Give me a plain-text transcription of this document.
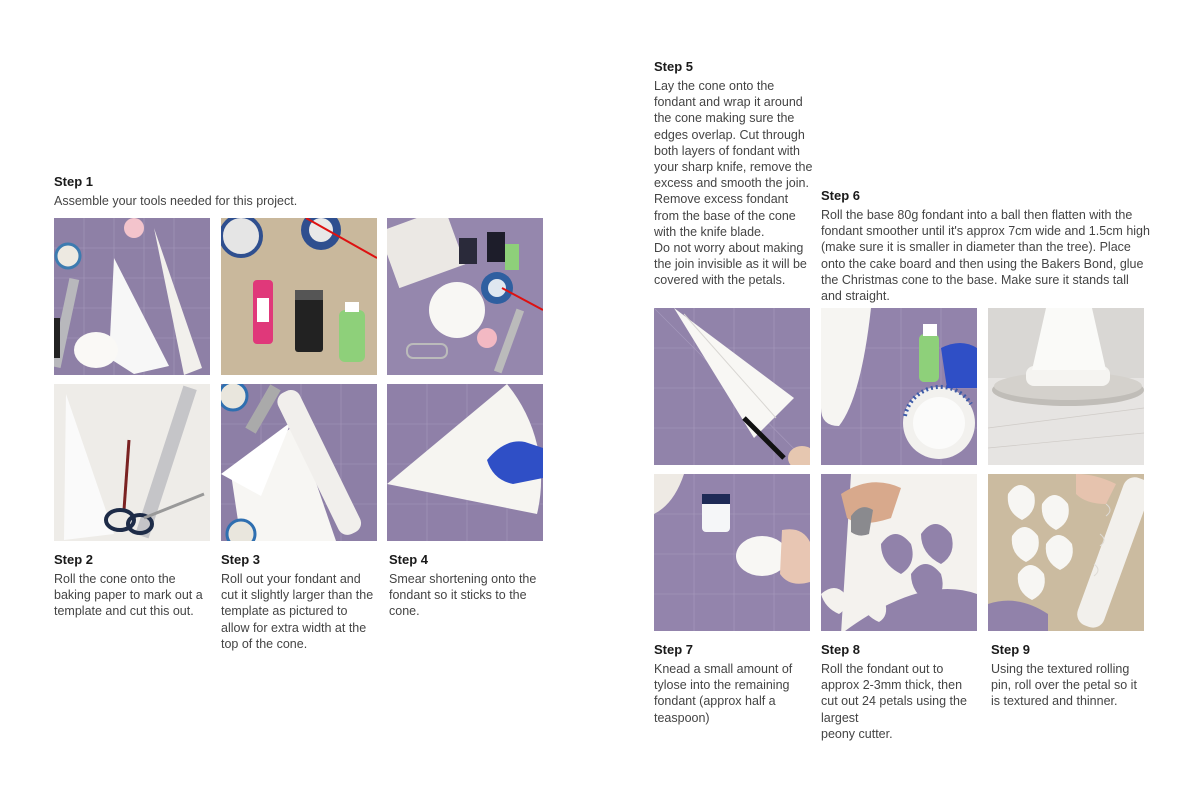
Step 1

Assemble your tools needed for this project.

Step 2

Roll the cone onto the baking paper to mark out a template and cut this out.

Step 3

Roll out your fondant and cut it slightly larger than the template as pictured to allow for extra width at the top of the cone.

Step 4

Smear shortening onto the fondant so it sticks to the cone.

Step 5

Lay the cone onto the fondant and wrap it around the cone making sure the edges overlap. Cut through both layers of fondant with your sharp knife, remove the excess and smooth the join. Remove excess fondant from the base of the cone with the knife blade.
Do not worry about making the join invisible as it will be covered with the petals.

Step 6

Roll the base 80g fondant into a ball then flatten with the fondant smoother until it's approx 7cm wide and 1.5cm high (make sure it is smaller in diameter than the tree). Place onto the cake board and then using the Bakers Bond, glue the Christmas cone to the base. Make sure it stands tall and straight.

Step 7

Knead a small amount of tylose into the remaining fondant (approx half a teaspoon)

Step 8

Roll the fondant out to approx 2-3mm thick, then cut out 24 petals using the largest
peony cutter.

Step 9

Using the textured rolling pin, roll over the petal so it is textured and thinner.
